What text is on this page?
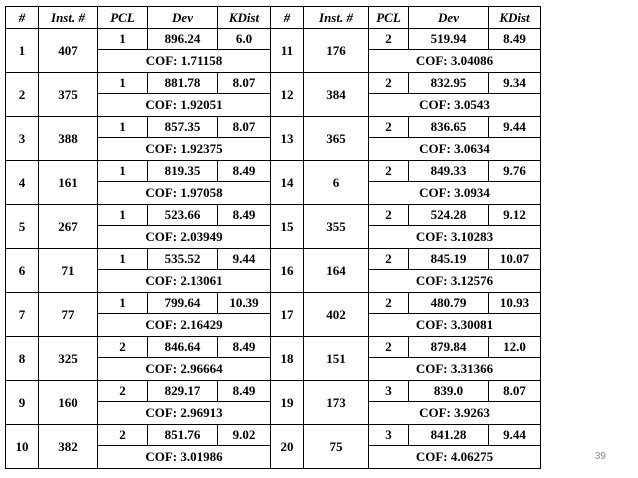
#	Inst. #	PCL	Dev	KDist	#	Inst. #	PCL	Dev	KDist
1	407	1	896.24	6.0	11	176	2	519.94	8.49
		COF: 1.71158					COF: 3.04086		
2	375	1	881.78	8.07	12	384	2	832.95	9.34
		COF: 1.92051					COF: 3.0543		
3	388	1	857.35	8.07	13	365	2	836.65	9.44
		COF: 1.92375					COF: 3.0634		
4	161	1	819.35	8.49	14	6	2	849.33	9.76
		COF: 1.97058					COF: 3.0934		
5	267	1	523.66	8.49	15	355	2	524.28	9.12
		COF: 2.03949					COF: 3.10283		
6	71	1	535.52	9.44	16	164	2	845.19	10.07
		COF: 2.13061					COF: 3.12576		
7	77	1	799.64	10.39	17	402	2	480.79	10.93
		COF: 2.16429					COF: 3.30081		
8	325	2	846.64	8.49	18	151	2	879.84	12.0
		COF: 2.96664					COF: 3.31366		
9	160	2	829.17	8.49	19	173	3	839.0	8.07
		COF: 2.96913					COF: 3.9263		
10	382	2	851.76	9.02	20	75	3	841.28	9.44
		COF: 3.01986					COF: 4.06275			39
